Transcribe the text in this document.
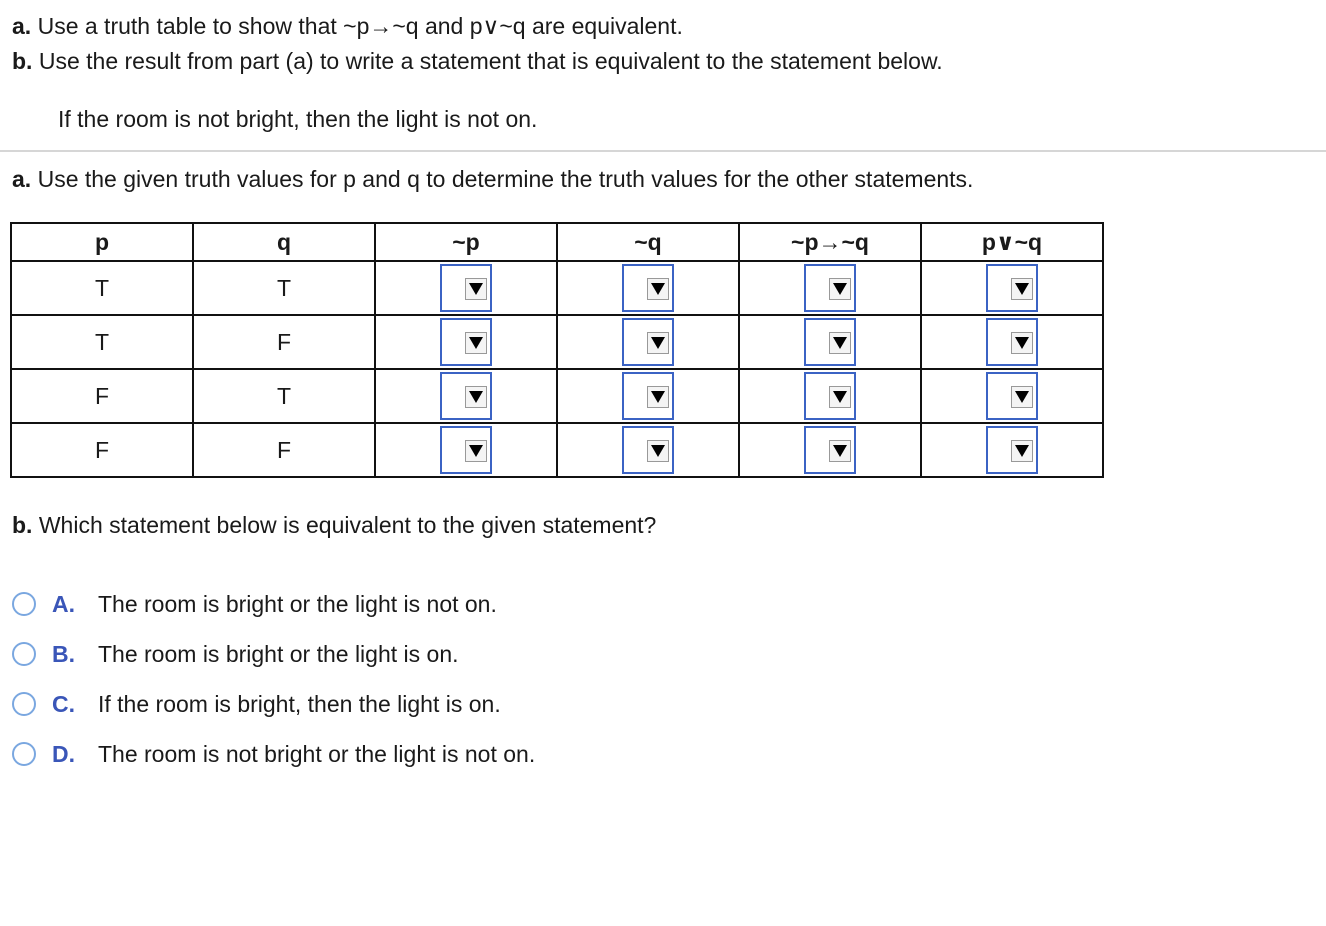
a. Use a truth table to show that ~p→~q and p∨~q are equivalent.
b. Use the result from part (a) to write a statement that is equivalent to the statement below.
If the room is not bright, then the light is not on.
a. Use the given truth values for p and q to determine the truth values for the other statements.
p	q	~p	~q	~p→~q	p∨~q
T	T	

T	F	

F	T	

F	F	

b. Which statement below is equivalent to the given statement?
A.	The room is bright or the light is not on.
B.	The room is bright or the light is on.
C.	If the room is bright, then the light is on.
D.	The room is not bright or the light is not on.
